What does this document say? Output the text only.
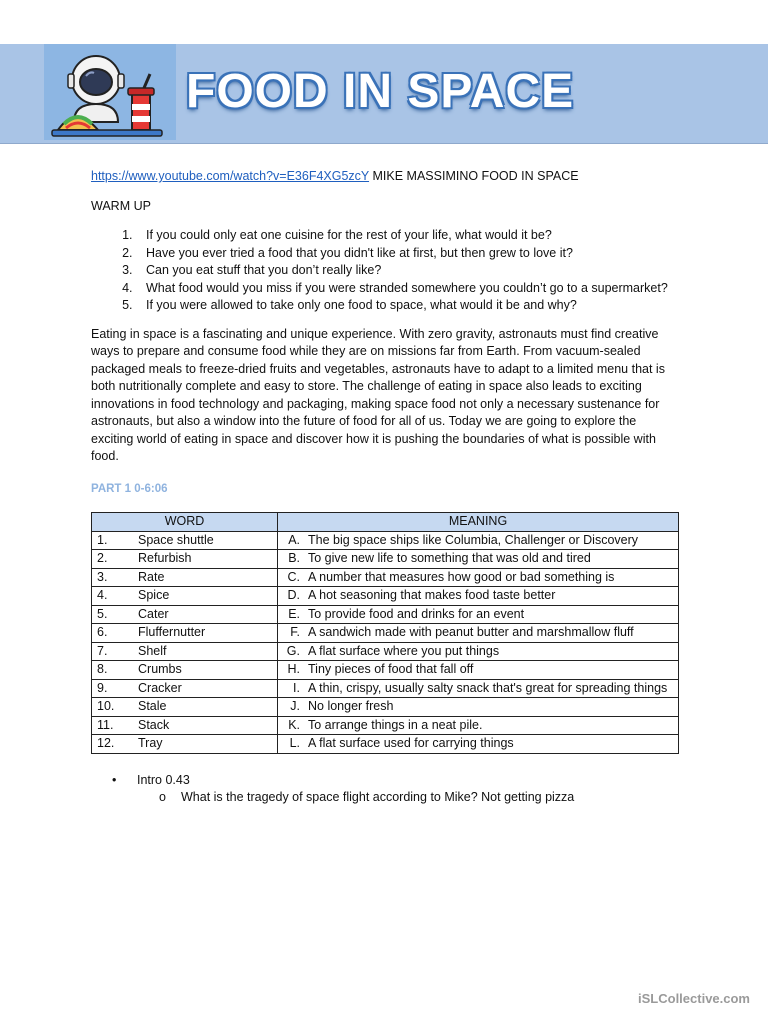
FOOD IN SPACE
https://www.youtube.com/watch?v=E36F4XG5zcY MIKE MASSIMINO FOOD IN SPACE
WARM UP
1. If you could only eat one cuisine for the rest of your life, what would it be?
2. Have you ever tried a food that you didn't like at first, but then grew to love it?
3. Can you eat stuff that you don’t really like?
4. What food would you miss if you were stranded somewhere you couldn’t go to a supermarket?
5. If you were allowed to take only one food to space, what would it be and why?
Eating in space is a fascinating and unique experience. With zero gravity, astronauts must find creative ways to prepare and consume food while they are on missions far from Earth. From vacuum-sealed packaged meals to freeze-dried fruits and vegetables, astronauts have to adapt to a limited menu that is both nutritionally complete and easy to store. The challenge of eating in space also leads to exciting innovations in food technology and packaging, making space food not only a necessary sustenance for astronauts, but also a window into the future of food for all of us. Today we are going to explore the exciting world of eating in space and discover how it is pushing the boundaries of what is possible with food.
PART 1 0-6:06
WORD	MEANING
1. Space shuttle	A. The big space ships like Columbia, Challenger or Discovery
2. Refurbish	B. To give new life to something that was old and tired
3. Rate	C. A number that measures how good or bad something is
4. Spice	D. A hot seasoning that makes food taste better
5. Cater	E. To provide food and drinks for an event
6. Fluffernutter	F. A sandwich made with peanut butter and marshmallow fluff
7. Shelf	G. A flat surface where you put things
8. Crumbs	H. Tiny pieces of food that fall off
9. Cracker	I. A thin, crispy, usually salty snack that's great for spreading things
10. Stale	J. No longer fresh
11. Stack	K. To arrange things in a neat pile.
12. Tray	L. A flat surface used for carrying things
• Intro 0.43
o What is the tragedy of space flight according to Mike? Not getting pizza
iSLCollective.com
